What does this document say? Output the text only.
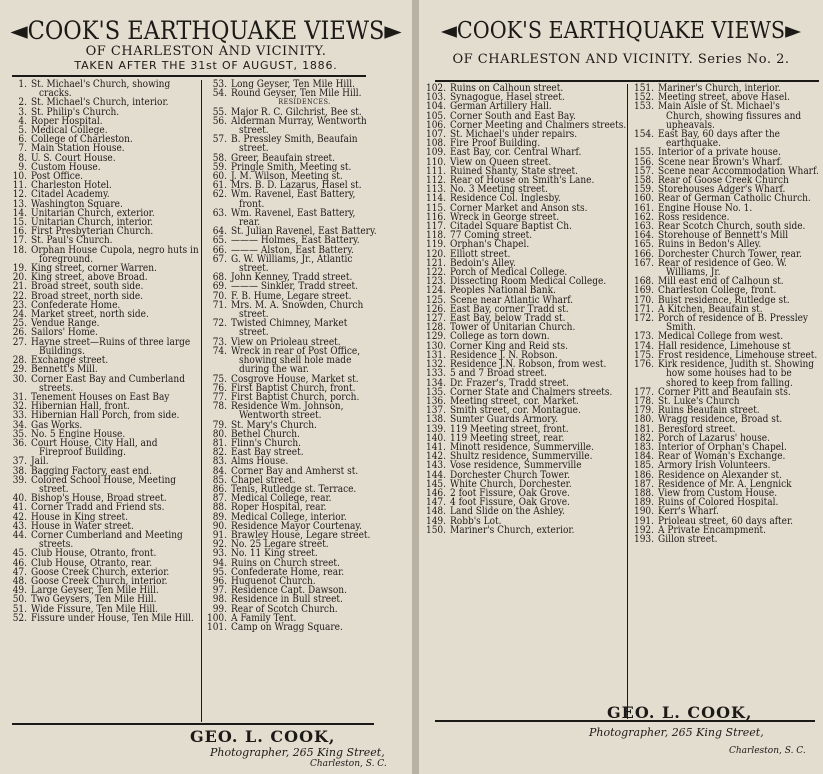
◄COOK'S EARTHQUAKE VIEWS►
OF CHARLESTON AND VICINITY.
TAKEN AFTER THE 31st OF AUGUST, 1886.
1. St. Michael's Church, showing cracks.
2. St. Michael's Church, interior.
3. St. Philip's Church.
4. Roper Hospital.
5. Medical College.
6. College of Charleston.
7. Main Station House.
8. U. S. Court House.
9. Custom House.
10. Post Office.
11. Charleston Hotel.
12. Citadel Academy.
13. Washington Square.
14. Unitarian Church, exterior.
15. Unitarian Church, interior.
16. First Presbyterian Church.
17. St. Paul's Church.
18. Orphan House Cupola, negro huts in foreground.
19. King street, corner Warren.
20. King street, above Broad.
21. Broad street, south side.
22. Broad street, north side.
23. Confederate Home.
24. Market street, north side.
25. Vendue Range.
26. Sailors' Home.
27. Hayne street—Ruins of three large Buildings.
28. Exchange street.
29. Bennett's Mill.
30. Corner East Bay and Cumberland streets.
31. Tenement Houses on East Bay
32. Hibernian Hall, front.
33. Hibernian Hall Porch, from side.
34. Gas Works.
35. No. 5 Engine House.
36. Court House, City Hall, and Fireproof Building.
37. Jail.
38. Bagging Factory, east end.
39. Colored School House, Meeting street.
40. Bishop's House, Broad street.
41. Corner Tradd and Friend sts.
42. House in King street.
43. House in Water street.
44. Corner Cumberland and Meeting streets.
45. Club House, Otranto, front.
46. Club House, Otranto, rear.
47. Goose Creek Church, exterior.
48. Goose Creek Church, interior.
49. Large Geyser, Ten Mile Hill.
50. Two Geysers, Ten Mile Hill.
51. Wide Fissure, Ten Mile Hill.
52. Fissure under House, Ten Mile Hill.
53. Long Geyser, Ten Mile Hill.
54. Round Geyser, Ten Mile Hill.
RESIDENCES.
55. Major R. C. Gilchrist, Bee st.
56. Alderman Murray, Wentworth street.
57. B. Pressley Smith, Beaufain street.
58. Greer, Beaufain street.
59. Pringle Smith, Meeting st.
60. J. M. Wilson, Meeting st.
61. Mrs. B. D. Lazarus, Hasel st.
62. Wm. Ravenel, East Battery, front.
63. Wm. Ravenel, East Battery, rear.
64. St. Julian Ravenel, East Battery.
65. ——— Holmes, East Battery.
66. ——— Alston, East Battery.
67. G. W. Williams, Jr., Atlantic street.
68. John Kenney, Tradd street.
69. ——— Sinkler, Tradd street.
70. F. B. Hume, Legare street.
71. Mrs. M. A. Snowden, Church street.
72. Twisted Chimney, Market street.
73. View on Prioleau street.
74. Wreck in rear of Post Office, showing shell hole made during the war.
75. Cosgrove House, Market st.
76. First Baptist Church, front.
77. First Baptist Church, porch.
78. Residence Wm. Johnson, Wentworth street.
79. St. Mary's Church.
80. Bethel Church.
81. Flinn's Church.
82. East Bay street.
83. Alms House.
84. Corner Bay and Amherst st.
85. Chapel street.
86. Tenis, Rutledge st. Terrace.
87. Medical College, rear.
88. Roper Hospital, rear.
89. Medical College, interior.
90. Residence Mayor Courtenay.
91. Brawley House, Legare street.
92. No. 25 Legare street.
93. No. 11 King street.
94. Ruins on Church street.
95. Confederate Home, rear.
96. Huguenot Church.
97. Residence Capt. Dawson.
98. Residence in Bull street.
99. Rear of Scotch Church.
100. A Family Tent.
101. Camp on Wragg Square.
GEO. L. COOK,
Photographer, 265 King Street,
Charleston, S. C.
◄COOK'S EARTHQUAKE VIEWS►
OF CHARLESTON AND VICINITY. Series No. 2.
102. Ruins on Calhoun street.
103. Synagogue, Hasel street.
104. German Artillery Hall.
105. Corner South and East Bay.
106. Corner Meeting and Chalmers streets.
107. St. Michael's under repairs.
108. Fire Proof Building.
109. East Bay, cor. Central Wharf.
110. View on Queen street.
111. Ruined Shanty, State street.
112. Rear of House on Smith's Lane.
113. No. 3 Meeting street.
114. Residence Col. Inglesby.
115. Corner Market and Anson sts.
116. Wreck in George street.
117. Citadel Square Baptist Ch.
118. 77 Coming street.
119. Orphan's Chapel.
120. Elliott street.
121. Bedoin's Alley.
122. Porch of Medical College.
123. Dissecting Room Medical College.
124. Peoples National Bank.
125. Scene near Atlantic Wharf.
126. East Bay, corner Tradd st.
127. East Bay, below Tradd st.
128. Tower of Unitarian Church.
129. College as torn down.
130. Corner King and Reid sts.
131. Residence J. N. Robson.
132. Residence J.N. Robson, from west.
133. 5 and 7 Broad street.
134. Dr. Frazer's, Tradd street.
135. Corner State and Chalmers streets.
136. Meeting street, cor. Market.
137. Smith street, cor. Montague.
138. Sumter Guards Armory.
139. 119 Meeting street, front.
140. 119 Meeting street, rear.
141. Minott residence, Summerville.
142. Shultz residence, Summerville.
143. Vose residence, Summerville
144. Dorchester Church Tower.
145. White Church, Dorchester.
146. 2 foot Fissure, Oak Grove.
147. 4 foot Fissure, Oak Grove.
148. Land Slide on the Ashley.
149. Robb's Lot.
150. Mariner's Church, exterior.
151. Mariner's Church, interior.
152. Meeting street, above Hasel.
153. Main Aisle of St. Michael's Church, showing fissures and upheavals.
154. East Bay, 60 days after the earthquake.
155. Interior of a private house.
156. Scene near Brown's Wharf.
157. Scene near Accommodation Wharf.
158. Rear of Goose Creek Church
159. Storehouses Adger's Wharf.
160. Rear of German Catholic Church.
161. Engine House No. 1.
162. Ross residence.
163. Rear Scotch Church, south side.
164. Storehouse of Bennett's Mill
165. Ruins in Bedon's Alley.
166. Dorchester Church Tower, rear.
167. Rear of residence of Geo. W. Williams, Jr.
168. Mill east end of Calhoun st.
169. Charleston College, front.
170. Buist residence, Rutledge st.
171. A Kitchen, Beaufain st.
172. Porch of residence of B. Pressley Smith.
173. Medical College from west.
174. Hall residence, Limehouse st
175. Frost residence, Limehouse street.
176. Kirk residence, Judith st. Showing how some houses had to be shored to keep from falling.
177. Corner Pitt and Beaufain sts.
178. St. Luke's Church
179. Ruins Beaufain street.
180. Wragg residence, Broad st.
181. Beresford street.
182. Porch of Lazarus' house.
183. Interior of Orphan's Chapel.
184. Rear of Woman's Exchange.
185. Armory Irish Volunteers.
186. Residence on Alexander st.
187. Residence of Mr. A. Lengnick
188. View from Custom House.
189. Ruins of Colored Hospital.
190. Kerr's Wharf.
191. Prioleau street, 60 days after.
192. A Private Encampment.
193. Gillon street.
GEO. L. COOK,
Photographer, 265 King Street,
Charleston, S. C.
